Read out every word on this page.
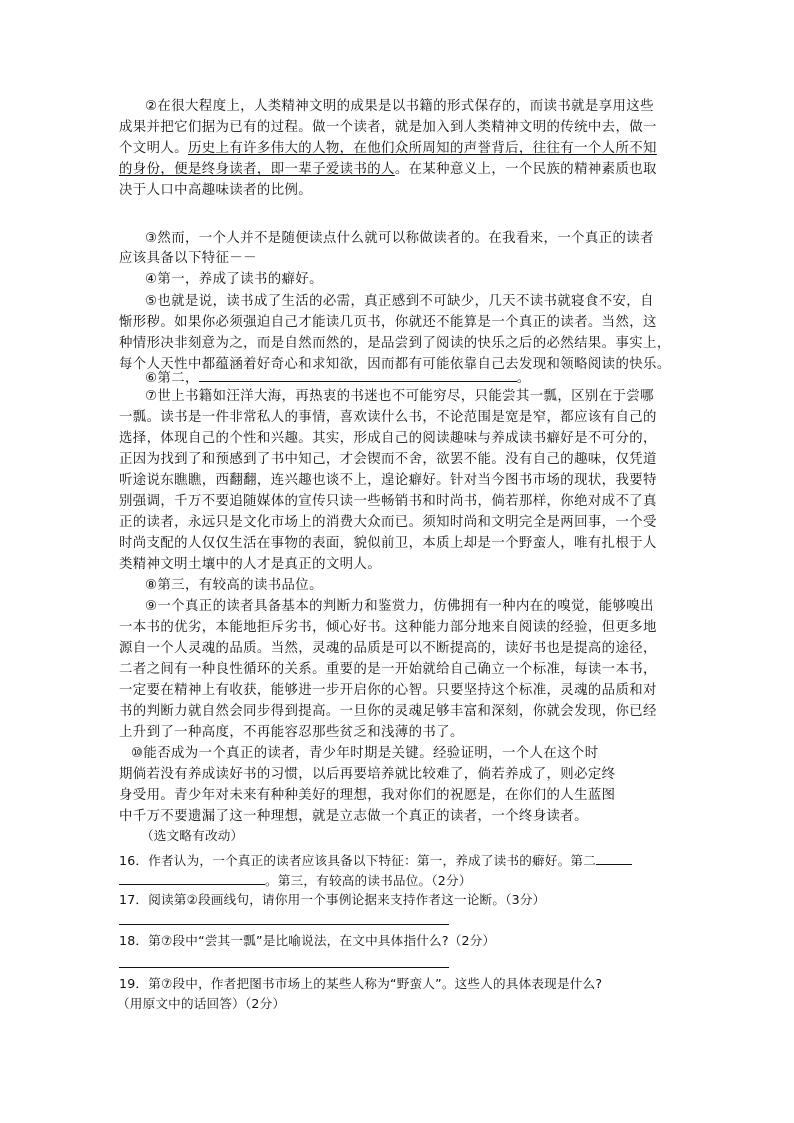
②在很大程度上，人类精神文明的成果是以书籍的形式保存的，而读书就是享用这些
成果并把它们据为已有的过程。做一个读者，就是加入到人类精神文明的传统中去，做一
个文明人。历史上有许多伟大的人物，在他们众所周知的声誉背后，往往有一个人所不知
的身份，便是终身读者，即一辈子爱读书的人。在某种意义上，一个民族的精神素质也取
决于人口中高趣味读者的比例。
③然而，一个人并不是随便读点什么就可以称做读者的。在我看来，一个真正的读者
应该具备以下特征－－
④第一，养成了读书的癖好。
⑤也就是说，读书成了生活的必需，真正感到不可缺少，几天不读书就寝食不安，自
惭形秽。如果你必须强迫自己才能读几页书，你就还不能算是一个真正的读者。当然，这
种情形决非刻意为之，而是自然而然的，是品尝到了阅读的快乐之后的必然结果。事实上，
每个人天性中都蕴涵着好奇心和求知欲，因而都有可能依靠自己去发现和领略阅读的快乐。
⑥第二，	。
⑦世上书籍如汪洋大海，再热衷的书迷也不可能穷尽，只能尝其一瓢，区别在于尝哪
一瓢。读书是一件非常私人的事情，喜欢读什么书，不论范围是宽是窄，都应该有自己的
选择，体现自己的个性和兴趣。其实，形成自己的阅读趣味与养成读书癖好是不可分的，
正因为找到了和预感到了书中知己，才会锲而不舍，欲罢不能。没有自己的趣味，仅凭道
听途说东瞧瞧，西翻翻，连兴趣也谈不上，遑论癖好。针对当今图书市场的现状，我要特
别强调，千万不要追随媒体的宣传只读一些畅销书和时尚书，倘若那样，你绝对成不了真
正的读者，永远只是文化市场上的消费大众而已。须知时尚和文明完全是两回事，一个受
时尚支配的人仅仅生活在事物的表面，貌似前卫，本质上却是一个野蛮人，唯有扎根于人
类精神文明土壤中的人才是真正的文明人。
⑧第三，有较高的读书品位。
⑨一个真正的读者具备基本的判断力和鉴赏力，仿佛拥有一种内在的嗅觉，能够嗅出
一本书的优劣，本能地拒斥劣书，倾心好书。这种能力部分地来自阅读的经验，但更多地
源自一个人灵魂的品质。当然，灵魂的品质是可以不断提高的，读好书也是提高的途径，
二者之间有一种良性循环的关系。重要的是一开始就给自己确立一个标准，每读一本书，
一定要在精神上有收获，能够进一步开启你的心智。只要坚持这个标准，灵魂的品质和对
书的判断力就自然会同步得到提高。一旦你的灵魂足够丰富和深刻，你就会发现，你已经
上升到了一种高度，不再能容忍那些贫乏和浅薄的书了。
⑩能否成为一个真正的读者，青少年时期是关键。经验证明，一个人在这个时
期倘若没有养成读好书的习惯，以后再要培养就比较难了，倘若养成了，则必定终
身受用。青少年对未来有种种美好的理想，我对你们的祝愿是，在你们的人生蓝图
中千万不要遗漏了这一种理想，就是立志做一个真正的读者，一个终身读者。
（选文略有改动）
16．作者认为，一个真正的读者应该具备以下特征：第一，养成了读书的癖好。第二
。第三，有较高的读书品位。（2分）
17．阅读第②段画线句，请你用一个事例论据来支持作者这一论断。（3分）
18．第⑦段中“尝其一瓢”是比喻说法，在文中具体指什么?（2分）
19．第⑦段中，作者把图书市场上的某些人称为“野蛮人”。这些人的具体表现是什么?
（用原文中的话回答）（2分）
